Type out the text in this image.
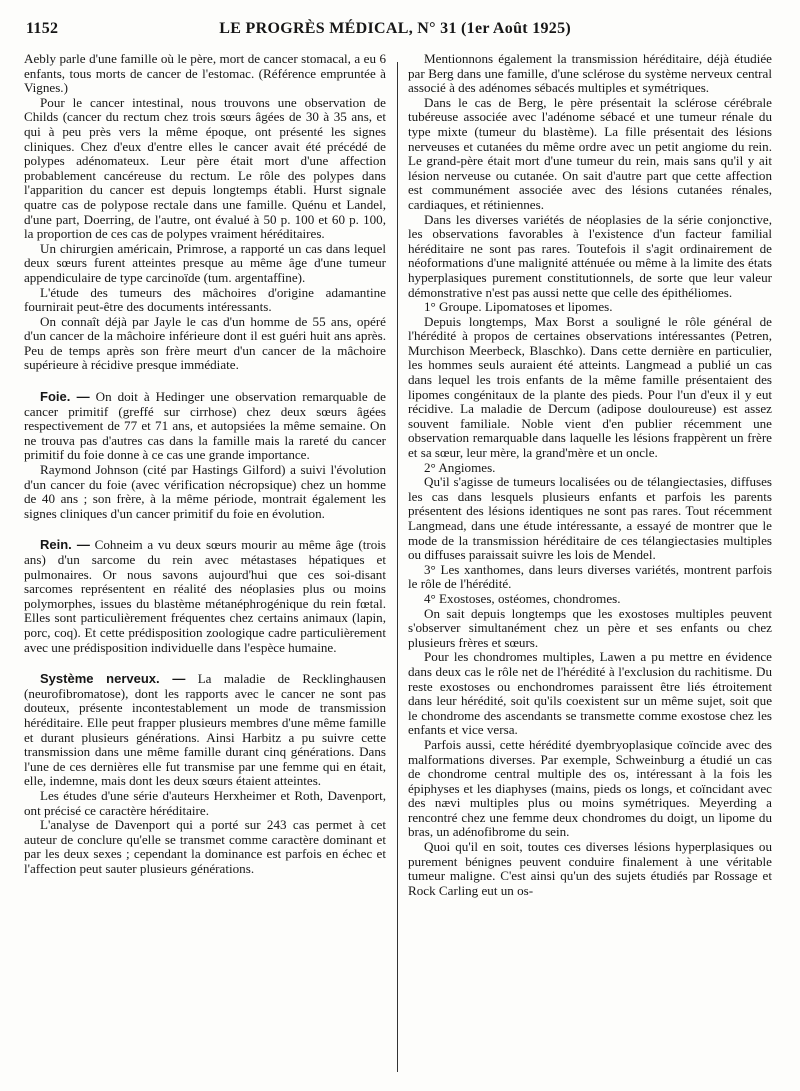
1152	LE PROGRÈS MÉDICAL, N° 31 (1er Août 1925)

Aebly parle d'une famille où le père, mort de cancer stomacal, a eu 6 enfants, tous morts de cancer de l'estomac. (Référence empruntée à Vignes.)

Pour le cancer intestinal, nous trouvons une observation de Childs (cancer du rectum chez trois sœurs âgées de 30 à 35 ans, et qui à peu près vers la même époque, ont présenté les signes cliniques. Chez d'eux d'entre elles le cancer avait été précédé de polypes adénomateux. Leur père était mort d'une affection probablement cancéreuse du rectum. Le rôle des polypes dans l'apparition du cancer est depuis longtemps établi. Hurst signale quatre cas de polypose rectale dans une famille. Quénu et Landel, d'une part, Doerring, de l'autre, ont évalué à 50 p. 100 et 60 p. 100, la proportion de ces cas de polypes vraiment héréditaires.

Un chirurgien américain, Primrose, a rapporté un cas dans lequel deux sœurs furent atteintes presque au même âge d'une tumeur appendiculaire de type carcinoïde (tum. argentaffine).

L'étude des tumeurs des mâchoires d'origine adamantine fournirait peut-être des documents intéressants.

On connaît déjà par Jayle le cas d'un homme de 55 ans, opéré d'un cancer de la mâchoire inférieure dont il est guéri huit ans après. Peu de temps après son frère meurt d'un cancer de la mâchoire supérieure à récidive presque immédiate.

Foie. — On doit à Hedinger une observation remarquable de cancer primitif (greffé sur cirrhose) chez deux sœurs âgées respectivement de 77 et 71 ans, et autopsiées la même semaine. On ne trouva pas d'autres cas dans la famille mais la rareté du cancer primitif du foie donne à ce cas une grande importance.

Raymond Johnson (cité par Hastings Gilford) a suivi l'évolution d'un cancer du foie (avec vérification nécropsique) chez un homme de 40 ans ; son frère, à la même période, montrait également les signes cliniques d'un cancer primitif du foie en évolution.

Rein. — Cohneim a vu deux sœurs mourir au même âge (trois ans) d'un sarcome du rein avec métastases hépatiques et pulmonaires. Or nous savons aujourd'hui que ces soi-disant sarcomes représentent en réalité des néoplasies plus ou moins polymorphes, issues du blastème métanéphrogénique du rein fœtal. Elles sont particulièrement fréquentes chez certains animaux (lapin, porc, coq). Et cette prédisposition zoologique cadre particulièrement avec une prédisposition individuelle dans l'espèce humaine.

Système nerveux. — La maladie de Recklinghausen (neurofibromatose), dont les rapports avec le cancer ne sont pas douteux, présente incontestablement un mode de transmission héréditaire. Elle peut frapper plusieurs membres d'une même famille et durant plusieurs générations. Ainsi Harbitz a pu suivre cette transmission dans une même famille durant cinq générations. Dans l'une de ces dernières elle fut transmise par une femme qui en était, elle, indemne, mais dont les deux sœurs étaient atteintes.

Les études d'une série d'auteurs Herxheimer et Roth, Davenport, ont précisé ce caractère héréditaire.

L'analyse de Davenport qui a porté sur 243 cas permet à cet auteur de conclure qu'elle se transmet comme caractère dominant et par les deux sexes ; cependant la dominance est parfois en échec et l'affection peut sauter plusieurs générations.

Mentionnons également la transmission héréditaire, déjà étudiée par Berg dans une famille, d'une sclérose du système nerveux central associé à des adénomes sébacés multiples et symétriques.

Dans le cas de Berg, le père présentait la sclérose cérébrale tubéreuse associée avec l'adénome sébacé et une tumeur rénale du type mixte (tumeur du blastème). La fille présentait des lésions nerveuses et cutanées du même ordre avec un petit angiome du rein. Le grand-père était mort d'une tumeur du rein, mais sans qu'il y ait lésion nerveuse ou cutanée. On sait d'autre part que cette affection est communément associée avec des lésions cutanées rénales, cardiaques, et rétiniennes.

Dans les diverses variétés de néoplasies de la série conjonctive, les observations favorables à l'existence d'un facteur familial héréditaire ne sont pas rares. Toutefois il s'agit ordinairement de néoformations d'une malignité atténuée ou même à la limite des états hyperplasiques purement constitutionnels, de sorte que leur valeur démonstrative n'est pas aussi nette que celle des épithéliomes.

1° Groupe. Lipomatoses et lipomes.

Depuis longtemps, Max Borst a souligné le rôle général de l'hérédité à propos de certaines observations intéressantes (Petren, Murchison Meerbeck, Blaschko). Dans cette dernière en particulier, les hommes seuls auraient été atteints. Langmead a publié un cas dans lequel les trois enfants de la même famille présentaient des lipomes congénitaux de la plante des pieds. Pour l'un d'eux il y eut récidive. La maladie de Dercum (adipose douloureuse) est assez souvent familiale. Noble vient d'en publier récemment une observation remarquable dans laquelle les lésions frappèrent un frère et sa sœur, leur mère, la grand'mère et un oncle.

2° Angiomes.

Qu'il s'agisse de tumeurs localisées ou de télangiectasies, diffuses les cas dans lesquels plusieurs enfants et parfois les parents présentent des lésions identiques ne sont pas rares. Tout récemment Langmead, dans une étude intéressante, a essayé de montrer que le mode de la transmission héréditaire de ces télangiectasies multiples ou diffuses paraissait suivre les lois de Mendel.

3° Les xanthomes, dans leurs diverses variétés, montrent parfois le rôle de l'hérédité.

4° Exostoses, ostéomes, chondromes.

On sait depuis longtemps que les exostoses multiples peuvent s'observer simultanément chez un père et ses enfants ou chez plusieurs frères et sœurs.

Pour les chondromes multiples, Lawen a pu mettre en évidence dans deux cas le rôle net de l'hérédité à l'exclusion du rachitisme. Du reste exostoses ou enchondromes paraissent être liés étroitement dans leur hérédité, soit qu'ils coexistent sur un même sujet, soit que le chondrome des ascendants se transmette comme exostose chez les enfants et vice versa.

Parfois aussi, cette hérédité dyembryoplasique coïncide avec des malformations diverses. Par exemple, Schweinburg a étudié un cas de chondrome central multiple des os, intéressant à la fois les épiphyses et les diaphyses (mains, pieds os longs, et coïncidant avec des nævi multiples plus ou moins symétriques. Meyerding a rencontré chez une femme deux chondromes du doigt, un lipome du bras, un adénofibrome du sein.

Quoi qu'il en soit, toutes ces diverses lésions hyperplasiques ou purement bénignes peuvent conduire finalement à une véritable tumeur maligne. C'est ainsi qu'un des sujets étudiés par Rossage et Rock Carling eut un os-
